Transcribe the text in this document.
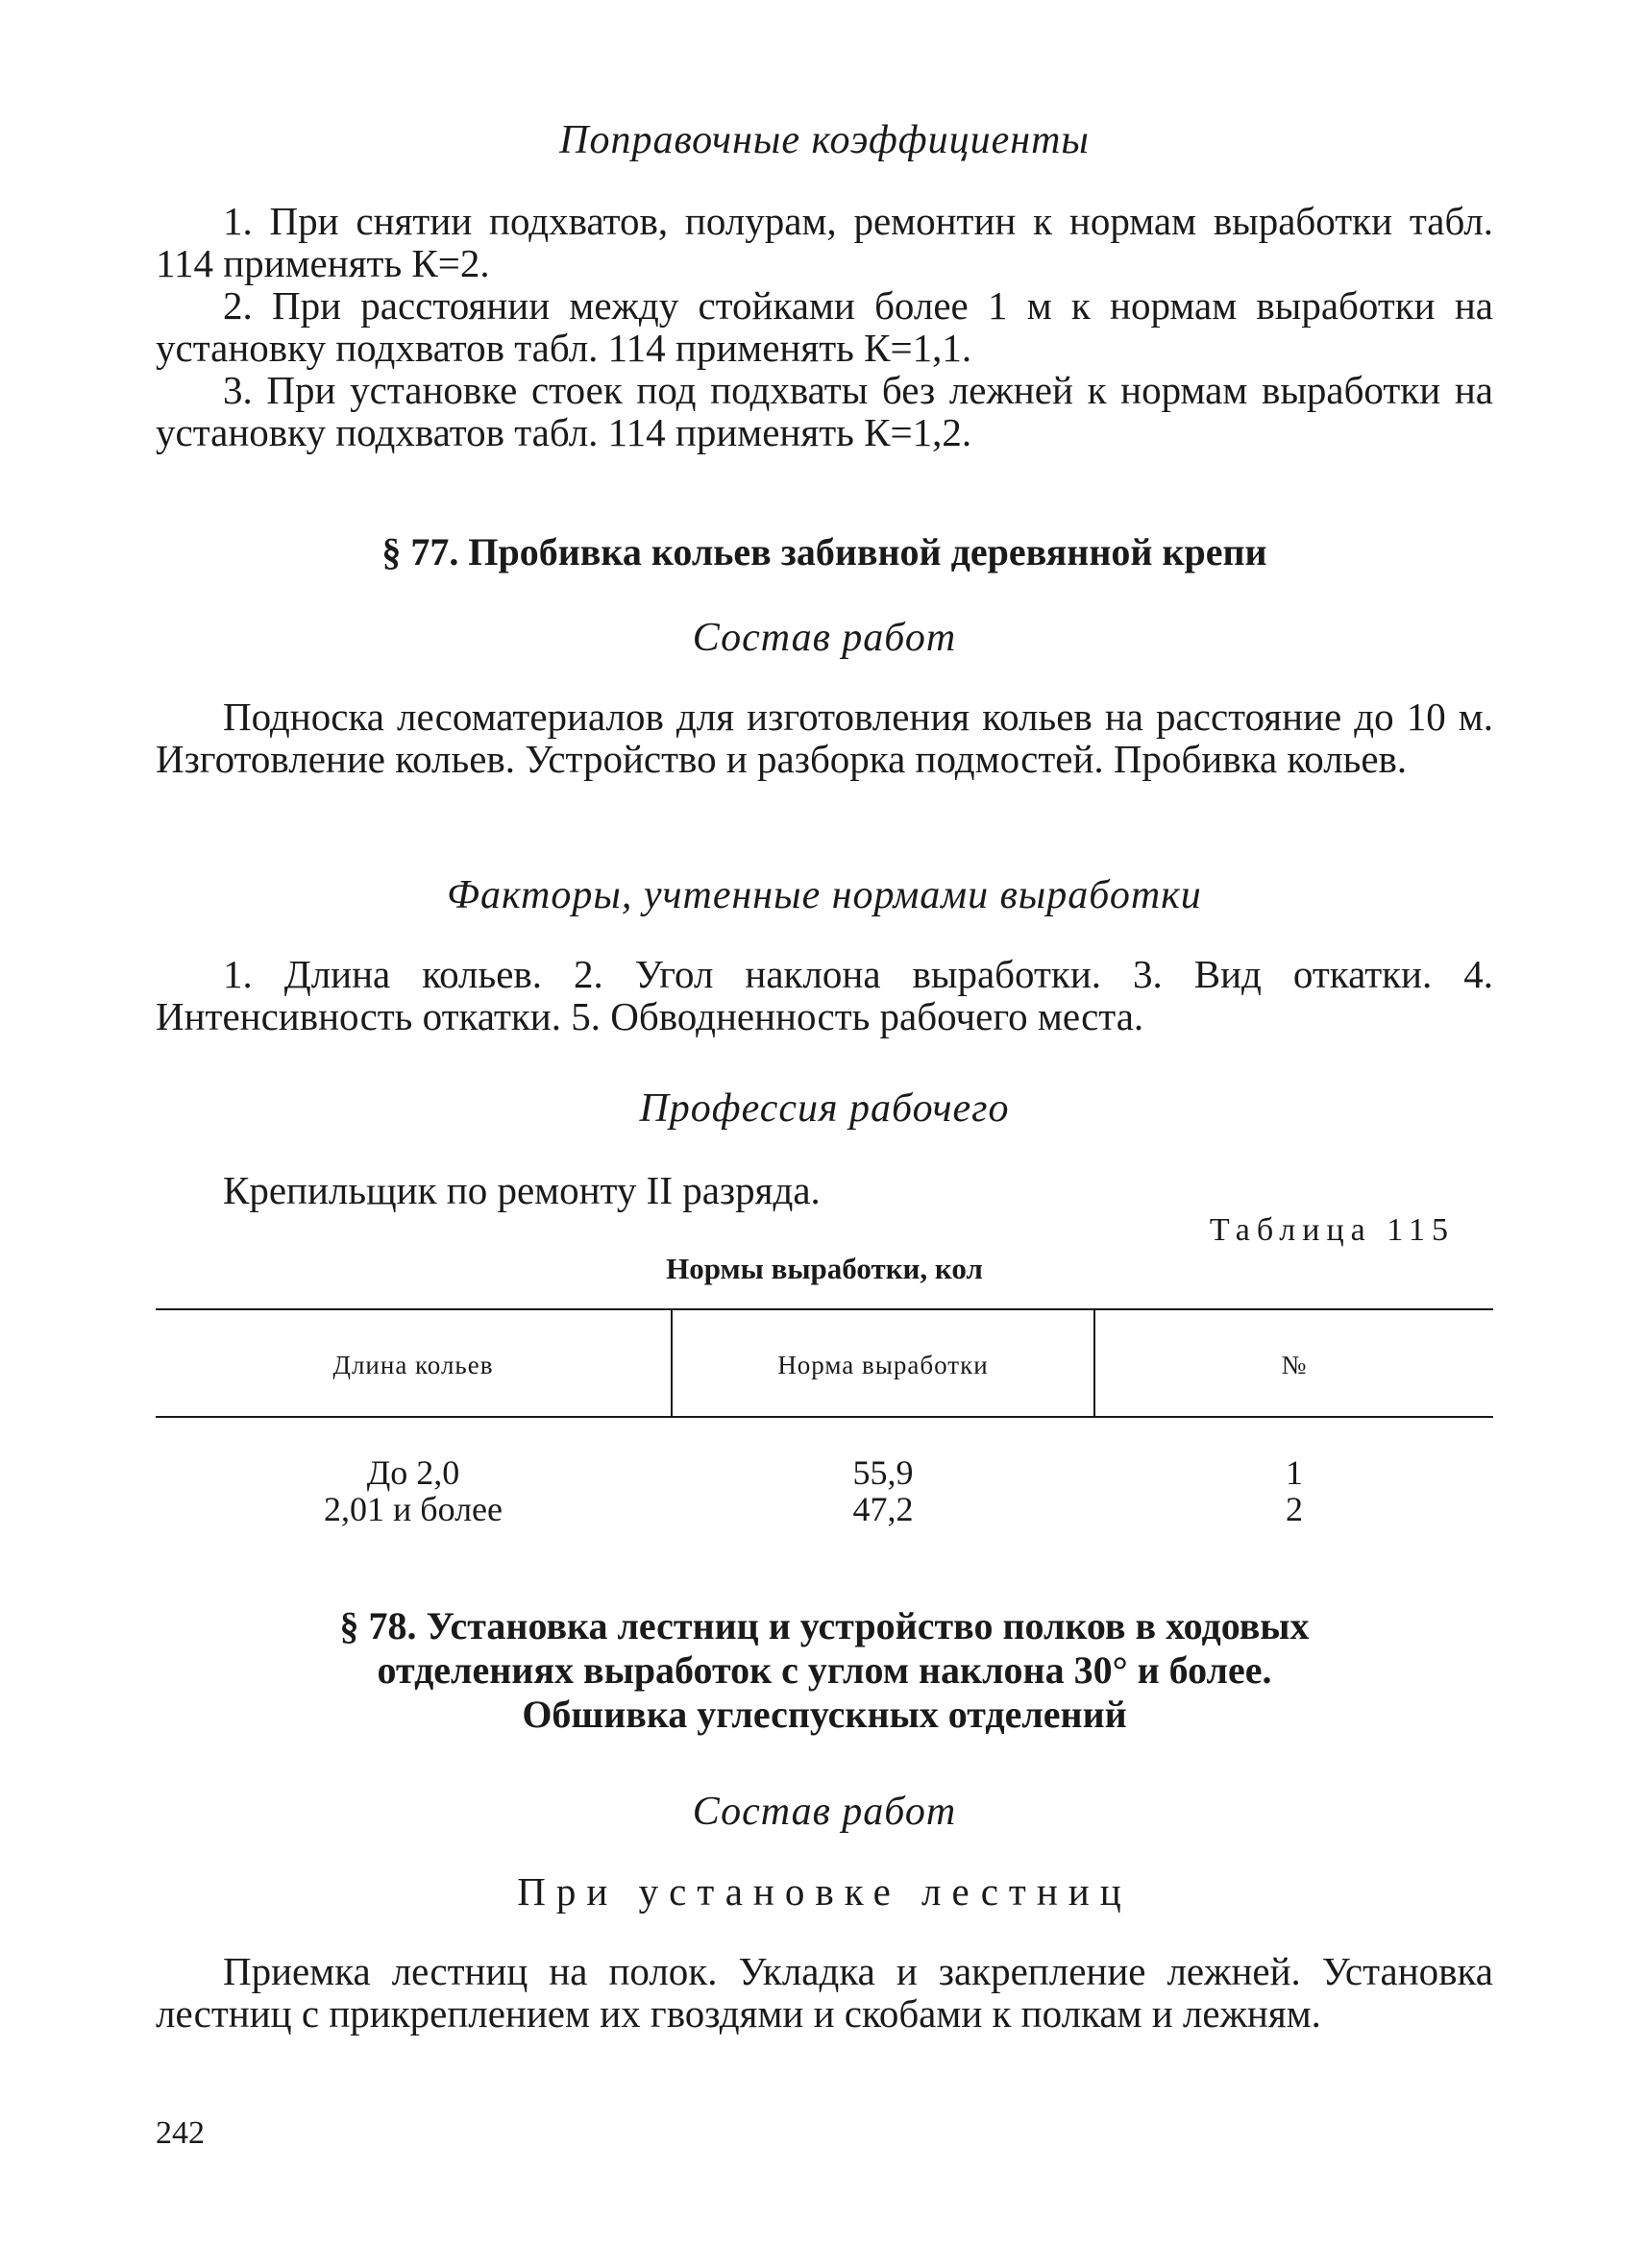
Поправочные коэффициенты

1. При снятии подхватов, полурам, ремонтин к нормам выработки табл. 114 применять К=2.

2. При расстоянии между стойками более 1 м к нормам выработки на установку подхватов табл. 114 применять К=1,1.

3. При установке стоек под подхваты без лежней к нормам выработки на установку подхватов табл. 114 применять К=1,2.

§ 77. Пробивка кольев забивной деревянной крепи
Состав работ

Поднoска лесоматериалов для изготовления кольев на расстояние до 10 м. Изготовление кольев. Устройство и разборка подмостей. Пробивка кольев.

Факторы, учтенные нормами выработки

1. Длина кольев. 2. Угол наклона выработки. 3. Вид откатки. 4. Интенсивность откатки. 5. Обводненность рабочего места.

Профессия рабочего

Крепильщик по ремонту II разряда.

Таблица 115
Нормы выработки, кол
Длина кольев	Норма выработки	№
До 2,0	55,9	1
2,01 и более	47,2	2
§ 78. Установка лестниц и устройство полков в ходовых
отделениях выработок с углом наклона 30° и более.
Обшивка углеспускных отделений
Состав работ
При установке лестниц

Приемка лестниц на полок. Укладка и закрепление лежней. Установка лестниц с прикреплением их гвоздями и скобами к полкам и лежням.

242
